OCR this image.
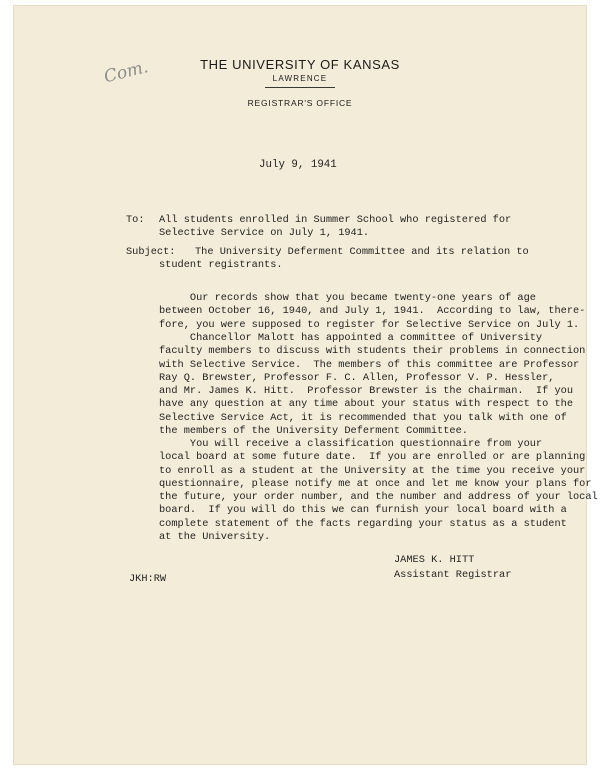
Com.	THE UNIVERSITY OF KANSAS
LAWRENCE
REGISTRAR'S OFFICE
July 9, 1941
To: All students enrolled in Summer School who registered for
Selective Service on July 1, 1941.
Subject: The University Deferment Committee and its relation to
student registrants.
Our records show that you became twenty-one years of age
between October 16, 1940, and July 1, 1941.  According to law, there-
fore, you were supposed to register for Selective Service on July 1.
Chancellor Malott has appointed a committee of University
faculty members to discuss with students their problems in connection
with Selective Service.  The members of this committee are Professor
Ray Q. Brewster, Professor F. C. Allen, Professor V. P. Hessler,
and Mr. James K. Hitt.  Professor Brewster is the chairman.  If you
have any question at any time about your status with respect to the
Selective Service Act, it is recommended that you talk with one of
the members of the University Deferment Committee.
You will receive a classification questionnaire from your
local board at some future date.  If you are enrolled or are planning
to enroll as a student at the University at the time you receive your
questionnaire, please notify me at once and let me know your plans for
the future, your order number, and the number and address of your local
board.  If you will do this we can furnish your local board with a
complete statement of the facts regarding your status as a student
at the University.
JAMES K. HITT
Assistant Registrar
JKH:RW
